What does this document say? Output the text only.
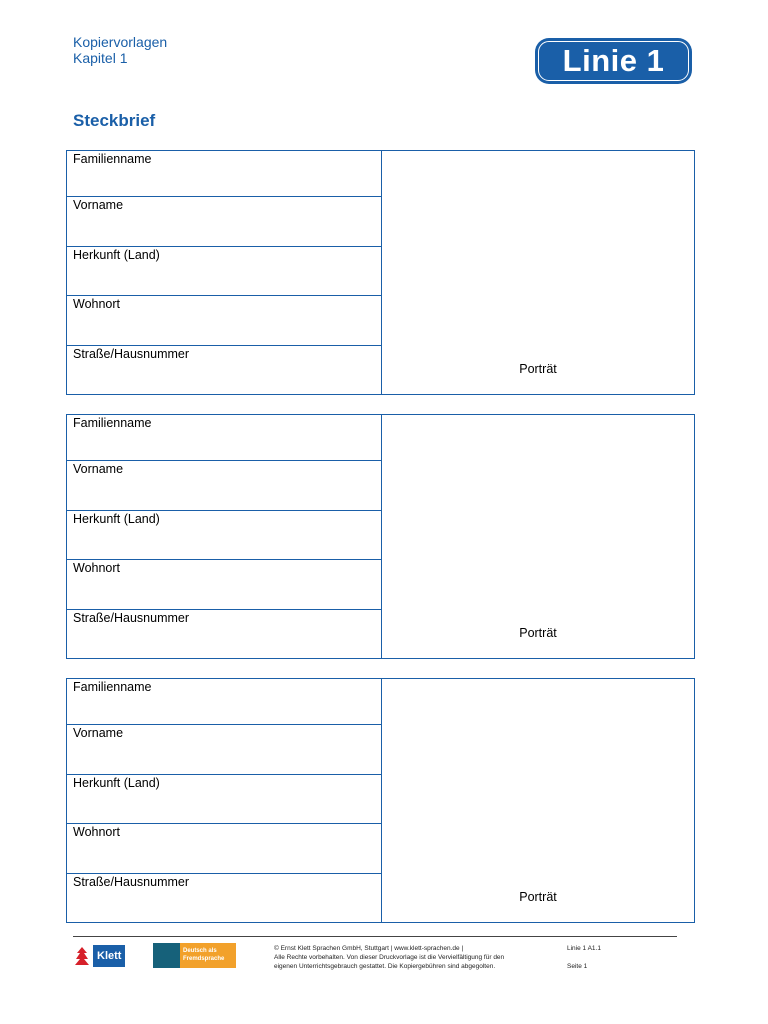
Kopiervorlagen
Kapitel 1	Linie 1
Steckbrief
Familienname
Vorname
Herkunft (Land)
Wohnort
Straße/Hausnummer
Porträt
Familienname
Vorname
Herkunft (Land)
Wohnort
Straße/Hausnummer
Porträt
Familienname
Vorname
Herkunft (Land)
Wohnort
Straße/Hausnummer
Porträt
Klett	Deutsch als
Fremdsprache
© Ernst Klett Sprachen GmbH, Stuttgart | www.klett-sprachen.de |
Alle Rechte vorbehalten. Von dieser Druckvorlage ist die Vervielfältigung für den
eigenen Unterrichtsgebrauch gestattet. Die Kopiergebühren sind abgegolten.
Linie 1 A1.1
Seite 1
